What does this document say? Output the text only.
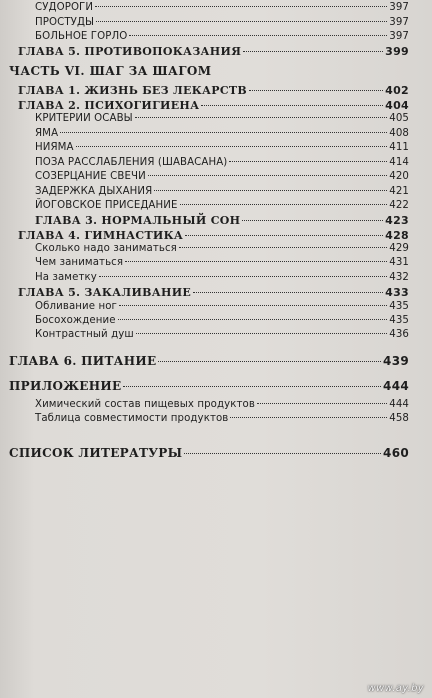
СУДОРОГИ	397
ПРОСТУДЫ	397
БОЛЬНОЕ ГОРЛО	397
ГЛАВА 5. ПРОТИВОПОКАЗАНИЯ	399
ЧАСТЬ VI. ШАГ ЗА ШАГОМ
ГЛАВА 1. ЖИЗНЬ БЕЗ ЛЕКАРСТВ	402
ГЛАВА 2. ПСИХОГИГИЕНА	404
КРИТЕРИИ ОСАВЫ	405
ЯМА	408
НИЯМА	411
ПОЗА РАССЛАБЛЕНИЯ (ШАВАСАНА)	414
СОЗЕРЦАНИЕ СВЕЧИ	420
ЗАДЕРЖКА ДЫХАНИЯ	421
ЙОГОВСКОЕ ПРИСЕДАНИЕ	422
ГЛАВА 3. НОРМАЛЬНЫЙ СОН	423
ГЛАВА 4. ГИМНАСТИКА	428
Сколько надо заниматься	429
Чем заниматься	431
На заметку	432
ГЛАВА 5. ЗАКАЛИВАНИЕ	433
Обливание ног	435
Босохождение	435
Контрастный душ	436
ГЛАВА 6. ПИТАНИЕ	439
ПРИЛОЖЕНИЕ	444
Химический состав пищевых продуктов	444
Таблица совместимости продуктов	458
СПИСОК ЛИТЕРАТУРЫ	460
www.ay.by
